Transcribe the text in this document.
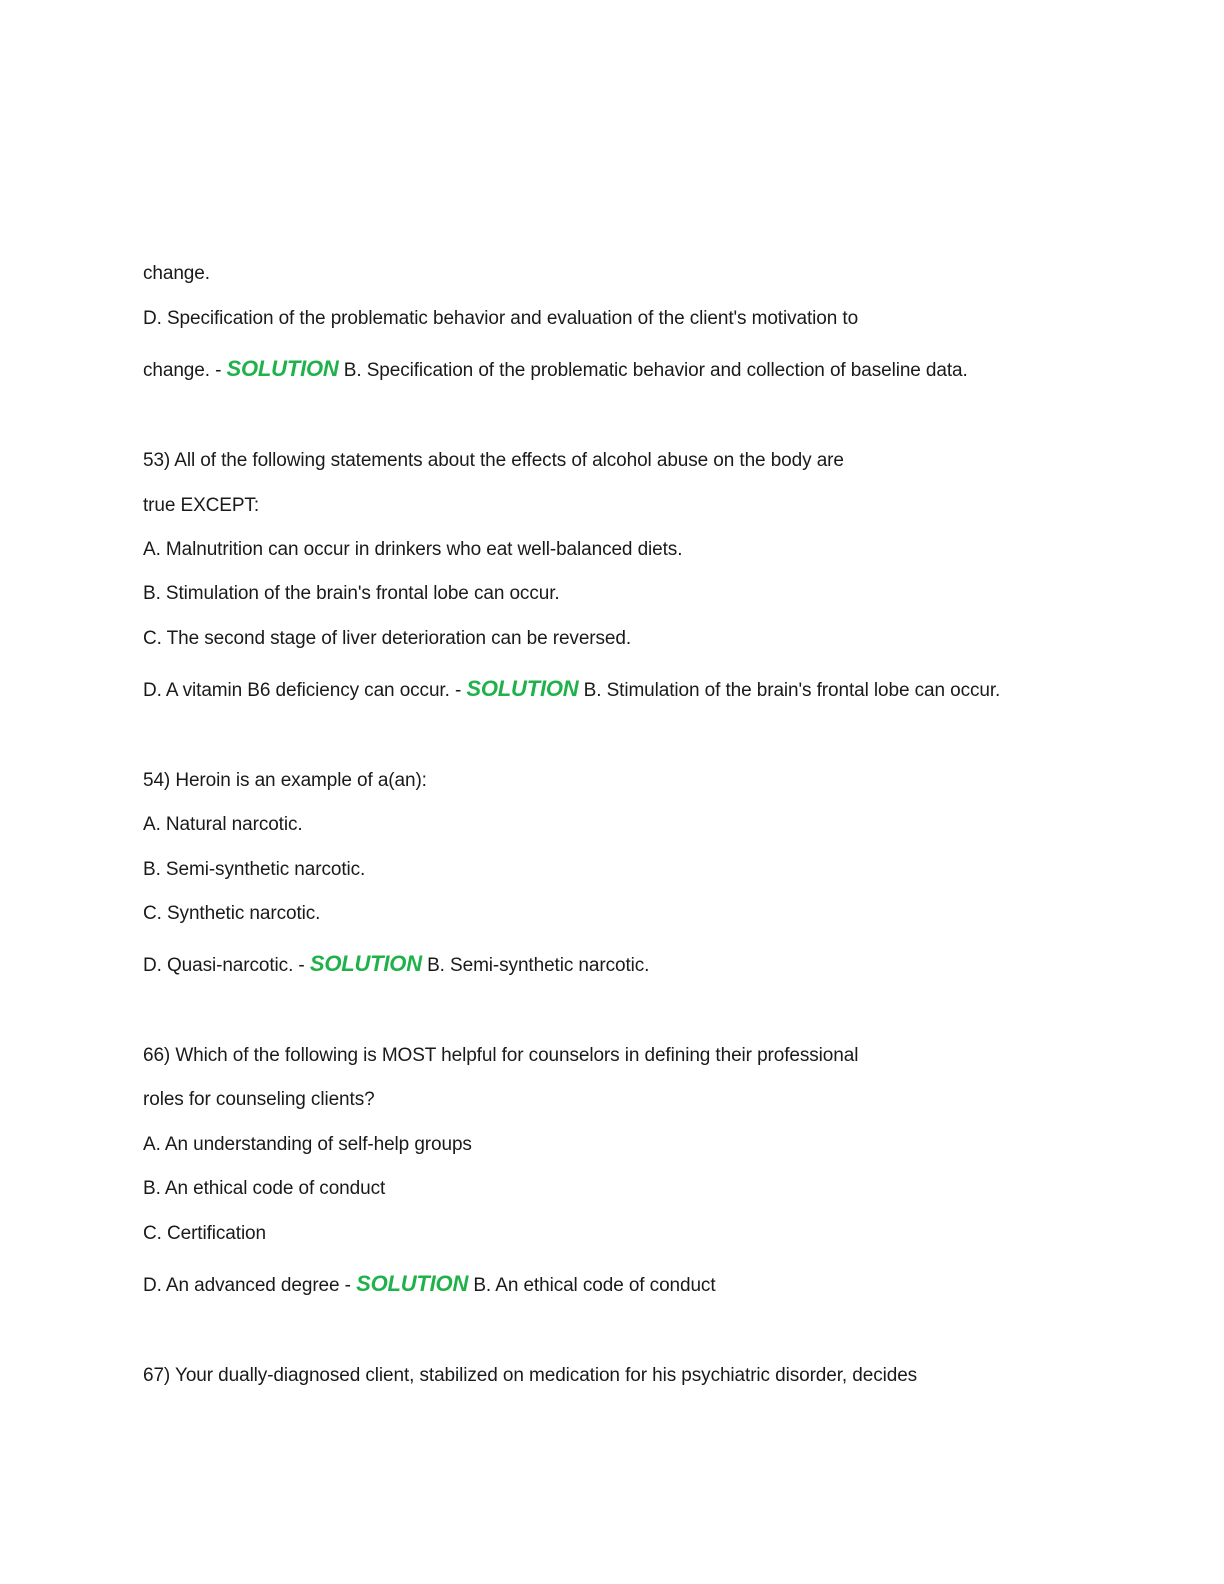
change.
D. Specification of the problematic behavior and evaluation of the client's motivation to
change. - SOLUTION B. Specification of the problematic behavior and collection of baseline data.
53) All of the following statements about the effects of alcohol abuse on the body are
true EXCEPT:
A. Malnutrition can occur in drinkers who eat well-balanced diets.
B. Stimulation of the brain's frontal lobe can occur.
C. The second stage of liver deterioration can be reversed.
D. A vitamin B6 deficiency can occur. - SOLUTION B. Stimulation of the brain's frontal lobe can occur.
54) Heroin is an example of a(an):
A. Natural narcotic.
B. Semi-synthetic narcotic.
C. Synthetic narcotic.
D. Quasi-narcotic. - SOLUTION B. Semi-synthetic narcotic.
66) Which of the following is MOST helpful for counselors in defining their professional
roles for counseling clients?
A. An understanding of self-help groups
B. An ethical code of conduct
C. Certification
D. An advanced degree - SOLUTION B. An ethical code of conduct
67) Your dually-diagnosed client, stabilized on medication for his psychiatric disorder, decides
